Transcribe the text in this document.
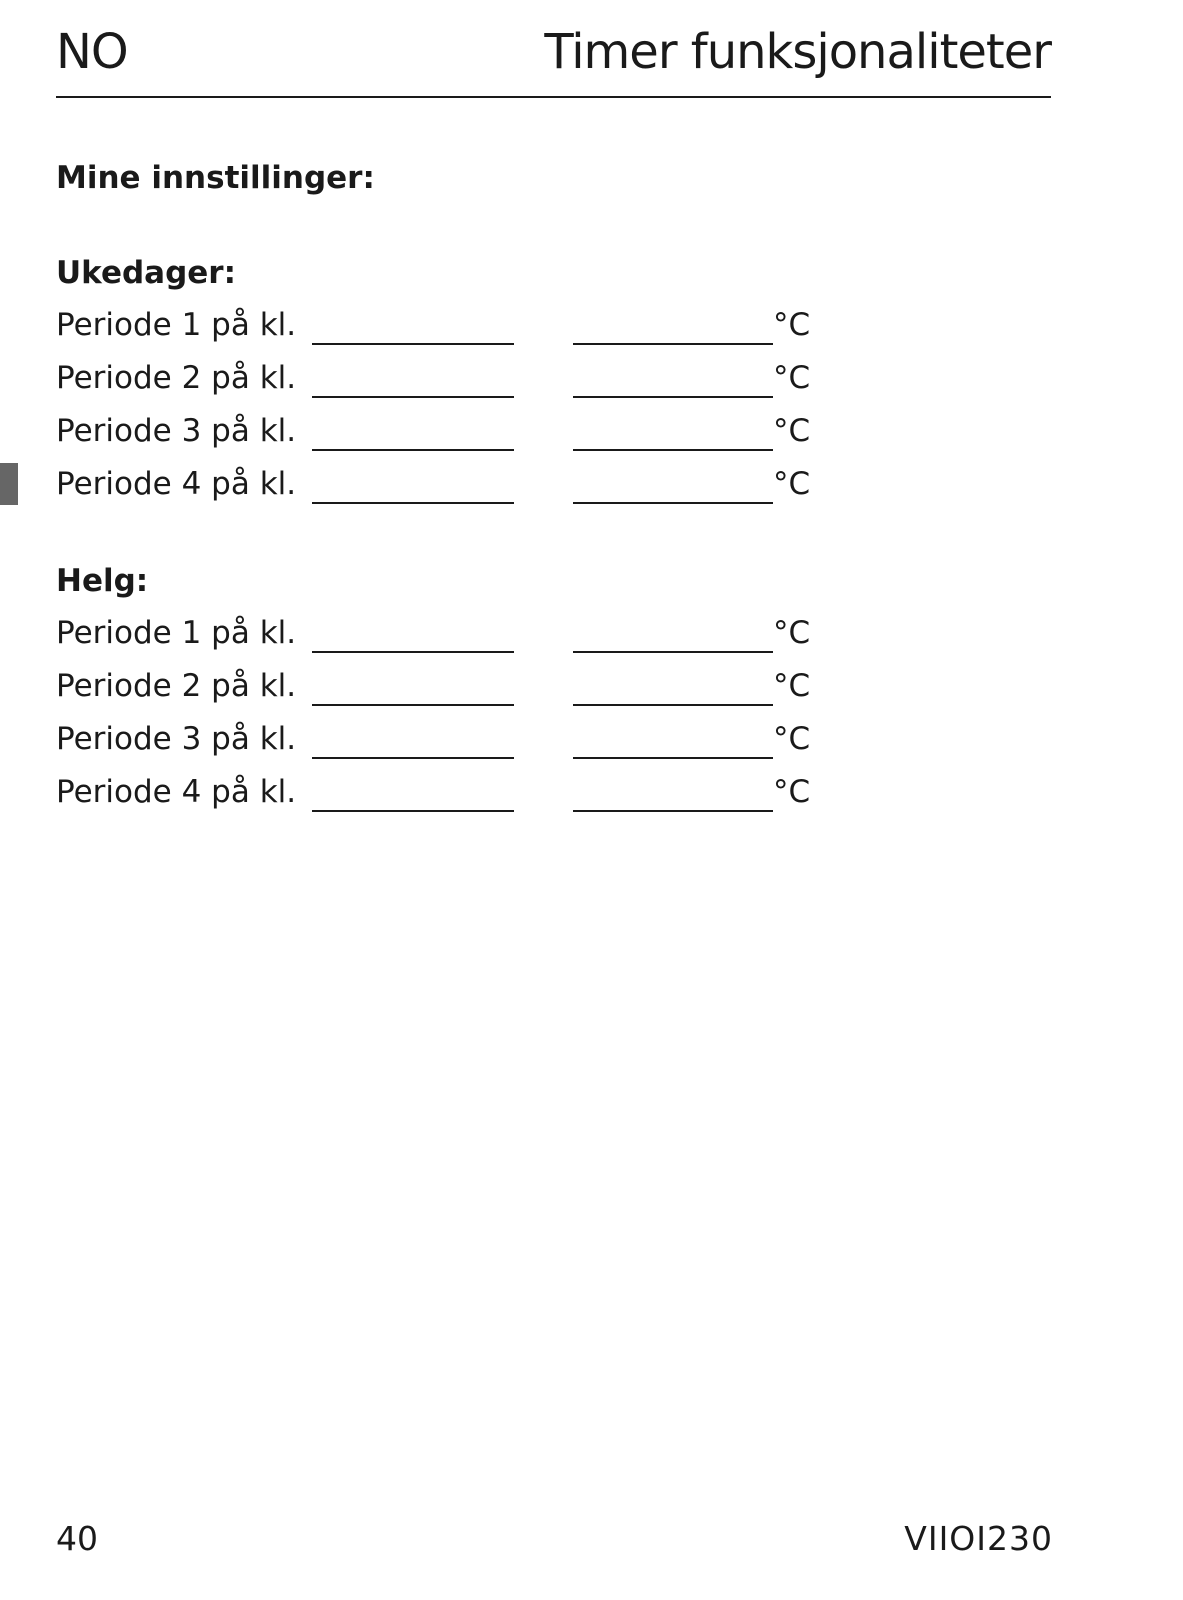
NO	Timer funksjonaliteter
Mine innstillinger:
Ukedager:
Periode 1 på kl.	°C
Periode 2 på kl.	°C
Periode 3 på kl.	°C
Periode 4 på kl.	°C
Helg:
Periode 1 på kl.	°C
Periode 2 på kl.	°C
Periode 3 på kl.	°C
Periode 4 på kl.	°C
40	VIIOI230
